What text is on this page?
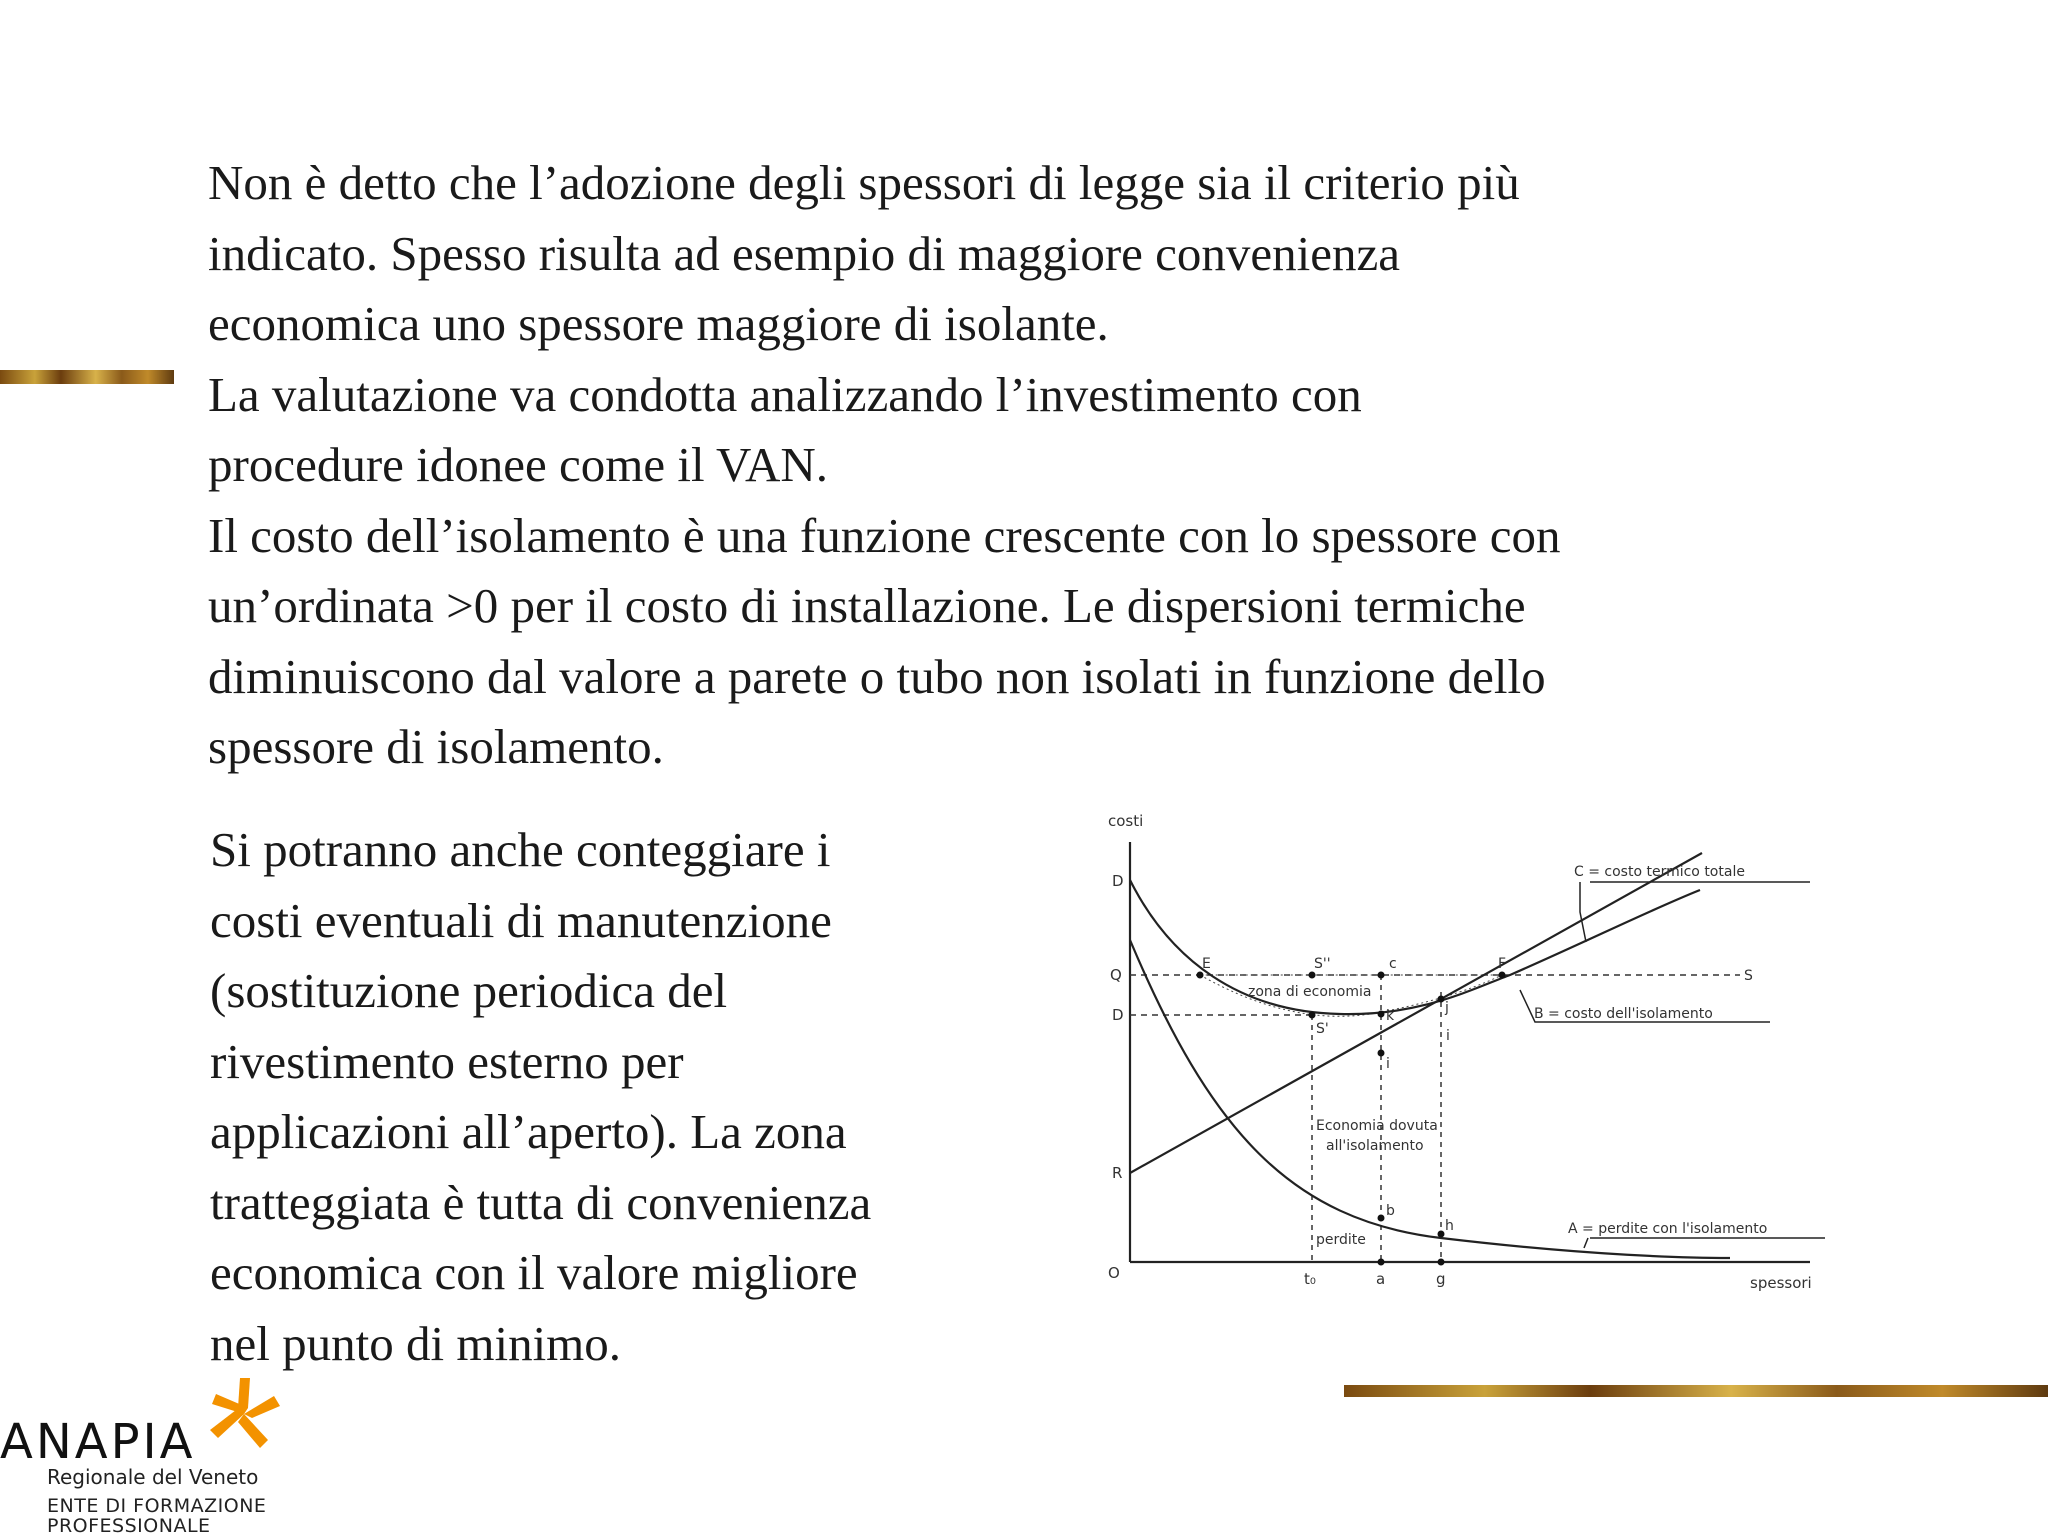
Non è detto che l’adozione degli spessori di legge sia il criterio più
indicato. Spesso risulta ad esempio di maggiore convenienza
economica uno spessore maggiore di isolante.
La valutazione va condotta analizzando l’investimento con
procedure idonee come il VAN.
Il costo dell’isolamento è una funzione crescente con lo spessore con
un’ordinata >0 per il costo di installazione. Le dispersioni termiche
diminuiscono dal valore a parete o tubo non isolati in funzione dello
spessore di isolamento.
Si potranno anche conteggiare i
costi eventuali di manutenzione
(sostituzione periodica del
rivestimento esterno per
applicazioni all’aperto). La zona
tratteggiata è tutta di convenienza
economica con il valore migliore
nel punto di minimo.
costi
spessori
O
D
Q
D
R
t₀	a	g
E	S''	c	F
S
S'
k	j
i
i
b
h
C = costo termico totale
B = costo dell'isolamento
A = perdite con l'isolamento
zona di economia
Economia dovuta
all'isolamento
perdite
ANAPIA
Regionale del Veneto
ENTE DI FORMAZIONE
PROFESSIONALE
